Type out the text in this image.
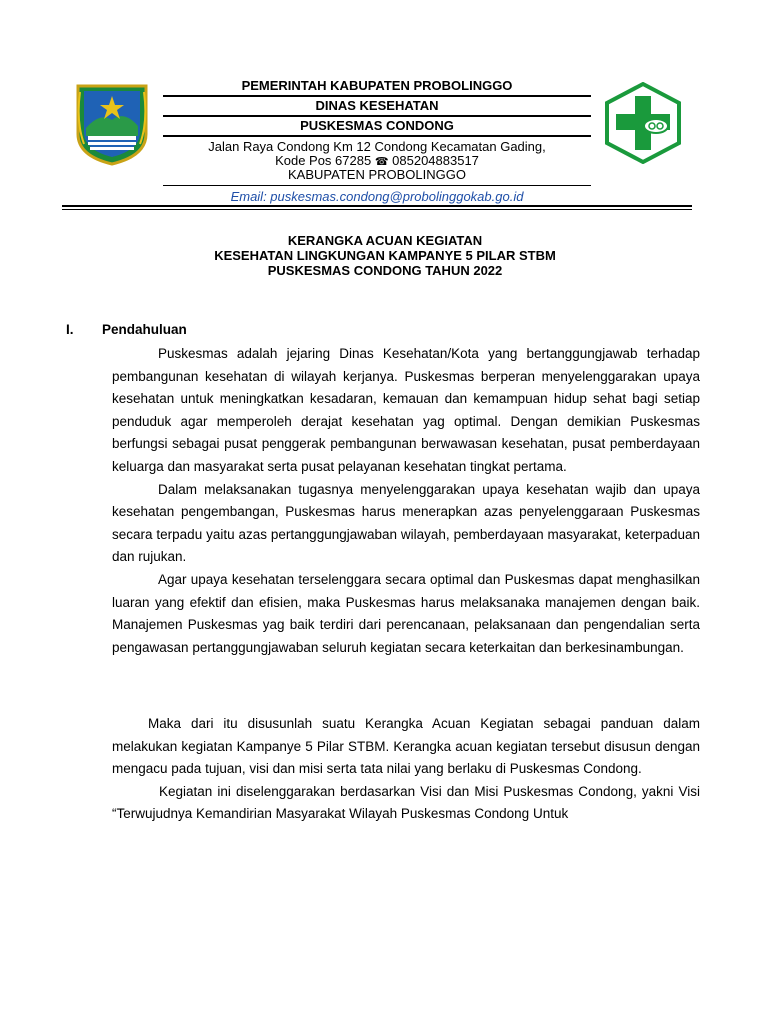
PEMERINTAH KABUPATEN PROBOLINGGO
DINAS KESEHATAN
PUSKESMAS CONDONG
Jalan Raya Condong Km 12 Condong Kecamatan Gading,
Kode Pos 67285 ☎ 085204883517
KABUPATEN PROBOLINGGO
Email: puskesmas.condong@probolinggokab.go.id
KERANGKA ACUAN KEGIATAN
KESEHATAN LINGKUNGAN KAMPANYE 5 PILAR STBM
PUSKESMAS CONDONG TAHUN 2022
I. Pendahuluan

Puskesmas adalah jejaring Dinas Kesehatan/Kota yang bertanggungjawab terhadap pembangunan kesehatan di wilayah kerjanya. Puskesmas berperan menyelenggarakan upaya kesehatan untuk meningkatkan kesadaran, kemauan dan kemampuan hidup sehat bagi setiap penduduk agar memperoleh derajat kesehatan yag optimal. Dengan demikian Puskesmas berfungsi sebagai pusat penggerak pembangunan berwawasan kesehatan, pusat pemberdayaan keluarga dan masyarakat serta pusat pelayanan kesehatan tingkat pertama.

Dalam melaksanakan tugasnya menyelenggarakan upaya kesehatan wajib dan upaya kesehatan pengembangan, Puskesmas harus menerapkan azas penyelenggaraan Puskesmas secara terpadu yaitu azas pertanggungjawaban wilayah, pemberdayaan masyarakat, keterpaduan dan rujukan.

Agar upaya kesehatan terselenggara secara optimal dan Puskesmas dapat menghasilkan luaran yang efektif dan efisien, maka Puskesmas harus melaksanaka manajemen dengan baik. Manajemen Puskesmas yag baik terdiri dari perencanaan, pelaksanaan dan pengendalian serta pengawasan pertanggungjawaban seluruh kegiatan secara keterkaitan dan berkesinambungan.

Maka dari itu disusunlah suatu Kerangka Acuan Kegiatan sebagai panduan dalam melakukan kegiatan Kampanye 5 Pilar STBM. Kerangka acuan kegiatan tersebut disusun dengan mengacu pada tujuan, visi dan misi serta tata nilai yang berlaku di Puskesmas Condong.

Kegiatan ini diselenggarakan berdasarkan Visi dan Misi Puskesmas Condong, yakni Visi “Terwujudnya Kemandirian Masyarakat Wilayah Puskesmas Condong Untuk
